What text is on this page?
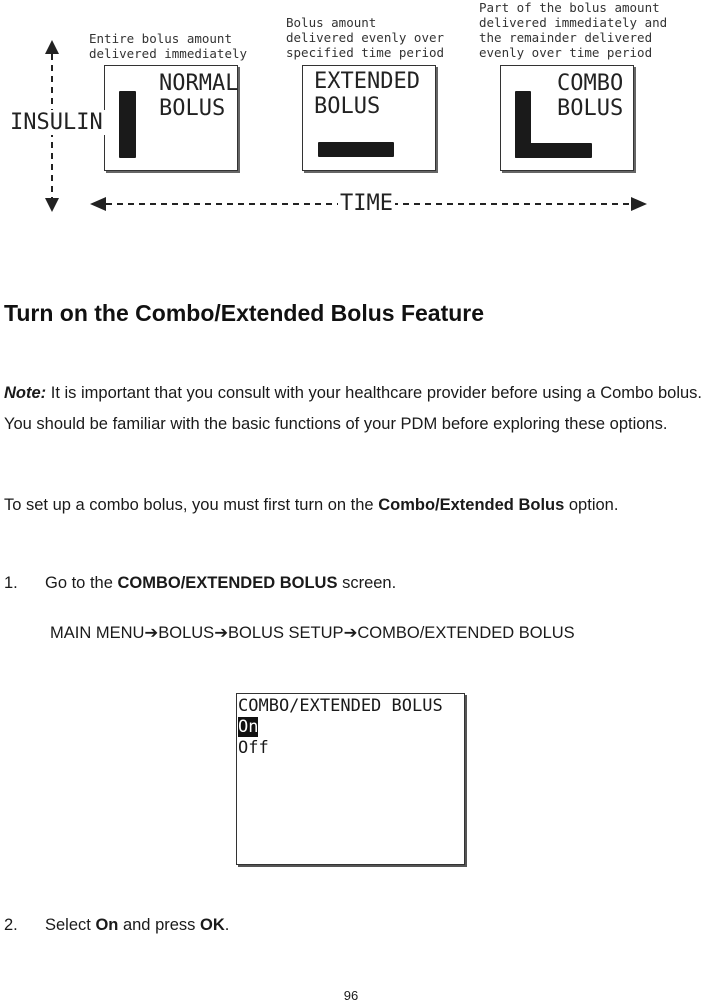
Entire bolus amount
delivered immediately
Bolus amount
delivered evenly over
specified time period
Part of the bolus amount
delivered immediately and
the remainder delivered
evenly over time period
NORMAL
BOLUS
EXTENDED
BOLUS
COMBO
BOLUS
INSULIN
TIME
Turn on the Combo/Extended Bolus Feature
Note: It is important that you consult with your healthcare provider before using a Combo bolus. You should be familiar with the basic functions of your PDM before exploring these options.
To set up a combo bolus, you must first turn on the Combo/Extended Bolus option.
1. Go to the COMBO/EXTENDED BOLUS screen.
MAIN MENU➔BOLUS➔BOLUS SETUP➔COMBO/EXTENDED BOLUS
COMBO/EXTENDED BOLUS
On
Off
2. Select On and press OK.
96
